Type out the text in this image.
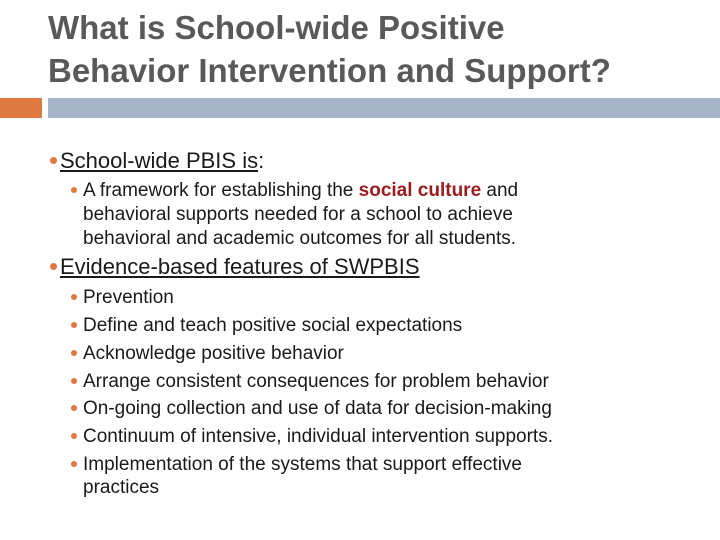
What is School-wide Positive
Behavior Intervention and Support?
School-wide PBIS is:
A framework for establishing the social culture and
behavioral supports needed for a school to achieve
behavioral and academic outcomes for all students.
Evidence-based features of SWPBIS
Prevention
Define and teach positive social expectations
Acknowledge positive behavior
Arrange consistent consequences for problem behavior
On-going collection and use of data for decision-making
Continuum of intensive, individual intervention supports.
Implementation of the systems that support effective
practices
